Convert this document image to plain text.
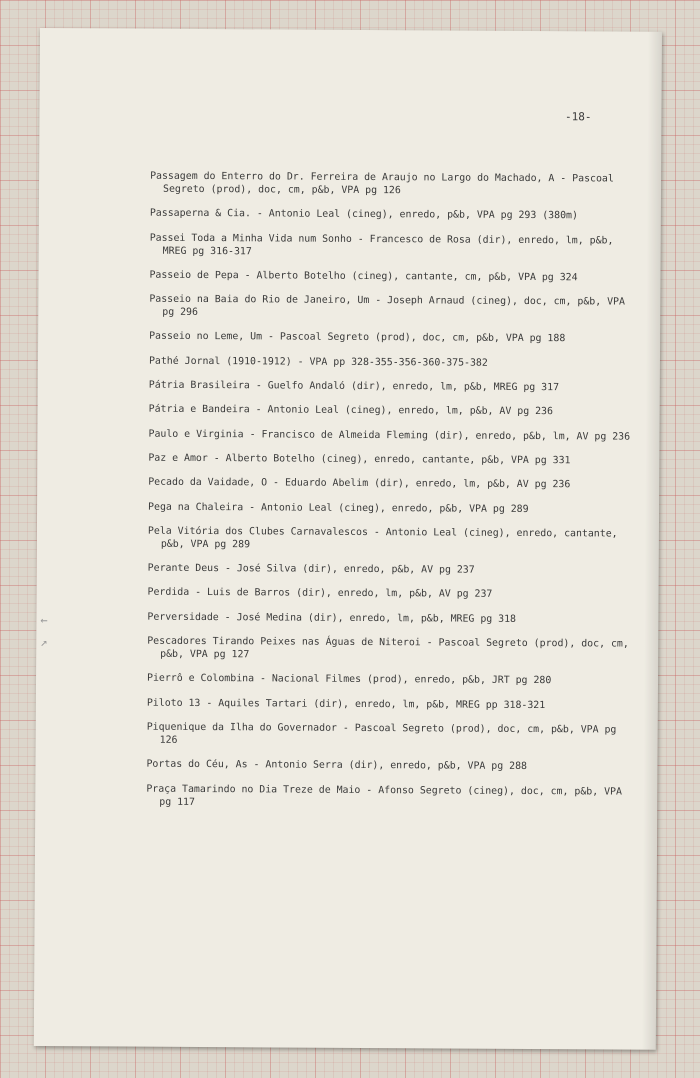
←
↗
-18-
Passagem do Enterro do Dr. Ferreira de Araujo no Largo do Machado, A - Pascoal Segreto (prod), doc, cm, p&b, VPA pg 126
Passaperna & Cia. - Antonio Leal (cineg), enredo, p&b, VPA pg 293 (380m)
Passei Toda a Minha Vida num Sonho - Francesco de Rosa (dir), enredo, lm, p&b, MREG pg 316-317
Passeio de Pepa - Alberto Botelho (cineg), cantante, cm, p&b, VPA pg 324
Passeio na Baia do Rio de Janeiro, Um - Joseph Arnaud (cineg), doc, cm, p&b, VPA pg 296
Passeio no Leme, Um - Pascoal Segreto (prod), doc, cm, p&b, VPA pg 188
Pathé Jornal (1910-1912) - VPA pp 328-355-356-360-375-382
Pátria Brasileira - Guelfo Andaló (dir), enredo, lm, p&b, MREG pg 317
Pátria e Bandeira - Antonio Leal (cineg), enredo, lm, p&b, AV pg 236
Paulo e Virginia - Francisco de Almeida Fleming (dir), enredo, p&b, lm, AV pg 236
Paz e Amor - Alberto Botelho (cineg), enredo, cantante, p&b, VPA pg 331
Pecado da Vaidade, O - Eduardo Abelim (dir), enredo, lm, p&b, AV pg 236
Pega na Chaleira - Antonio Leal (cineg), enredo, p&b, VPA pg 289
Pela Vitória dos Clubes Carnavalescos - Antonio Leal (cineg), enredo, cantante, p&b, VPA pg 289
Perante Deus - José Silva (dir), enredo, p&b, AV pg 237
Perdida - Luis de Barros (dir), enredo, lm, p&b, AV pg 237
Perversidade - José Medina (dir), enredo, lm, p&b, MREG pg 318
Pescadores Tirando Peixes nas Águas de Niteroi - Pascoal Segreto (prod), doc, cm, p&b, VPA pg 127
Pierrô e Colombina - Nacional Filmes (prod), enredo, p&b, JRT pg 280
Piloto 13 - Aquiles Tartari (dir), enredo, lm, p&b, MREG pp 318-321
Piquenique da Ilha do Governador - Pascoal Segreto (prod), doc, cm, p&b, VPA pg 126
Portas do Céu, As - Antonio Serra (dir), enredo, p&b, VPA pg 288
Praça Tamarindo no Dia Treze de Maio - Afonso Segreto (cineg), doc, cm, p&b, VPA pg 117
